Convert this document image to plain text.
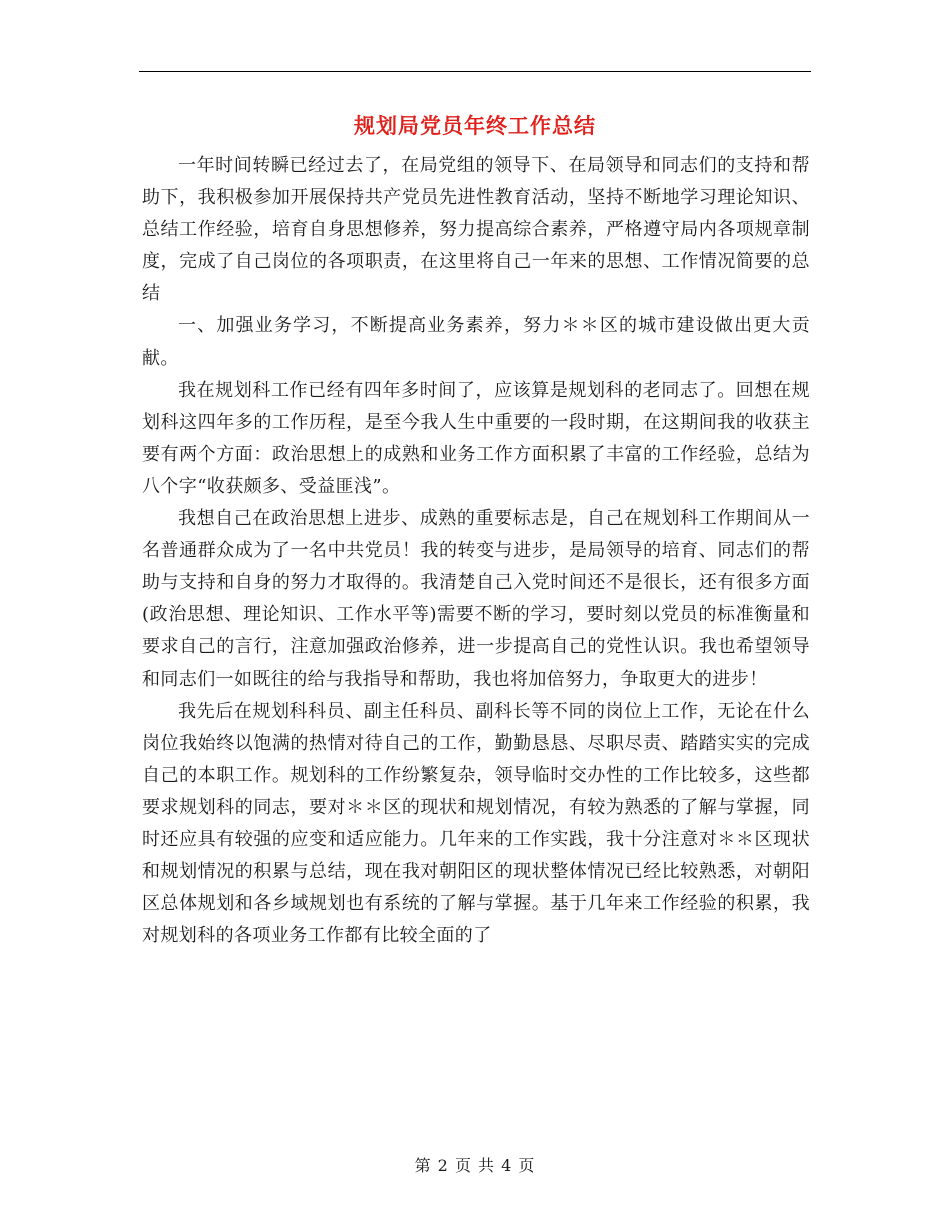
规划局党员年终工作总结

一年时间转瞬已经过去了，在局党组的领导下、在局领导和同志们的支持和帮助下，我积极参加开展保持共产党员先进性教育活动，坚持不断地学习理论知识、总结工作经验，培育自身思想修养，努力提高综合素养，严格遵守局内各项规章制度，完成了自己岗位的各项职责，在这里将自己一年来的思想、工作情况简要的总结

一、加强业务学习，不断提高业务素养，努力＊＊区的城市建设做出更大贡献。

我在规划科工作已经有四年多时间了，应该算是规划科的老同志了。回想在规划科这四年多的工作历程，是至今我人生中重要的一段时期，在这期间我的收获主要有两个方面：政治思想上的成熟和业务工作方面积累了丰富的工作经验，总结为八个字“收获颇多、受益匪浅”。

我想自己在政治思想上进步、成熟的重要标志是，自己在规划科工作期间从一名普通群众成为了一名中共党员！我的转变与进步，是局领导的培育、同志们的帮助与支持和自身的努力才取得的。我清楚自己入党时间还不是很长，还有很多方面(政治思想、理论知识、工作水平等)需要不断的学习，要时刻以党员的标准衡量和要求自己的言行，注意加强政治修养，进一步提高自己的党性认识。我也希望领导和同志们一如既往的给与我指导和帮助，我也将加倍努力，争取更大的进步！

我先后在规划科科员、副主任科员、副科长等不同的岗位上工作，无论在什么岗位我始终以饱满的热情对待自己的工作，勤勤恳恳、尽职尽责、踏踏实实的完成自己的本职工作。规划科的工作纷繁复杂，领导临时交办性的工作比较多，这些都要求规划科的同志，要对＊＊区的现状和规划情况，有较为熟悉的了解与掌握，同时还应具有较强的应变和适应能力。几年来的工作实践，我十分注意对＊＊区现状和规划情况的积累与总结，现在我对朝阳区的现状整体情况已经比较熟悉，对朝阳区总体规划和各乡域规划也有系统的了解与掌握。基于几年来工作经验的积累，我对规划科的各项业务工作都有比较全面的了

第 2 页 共 4 页
